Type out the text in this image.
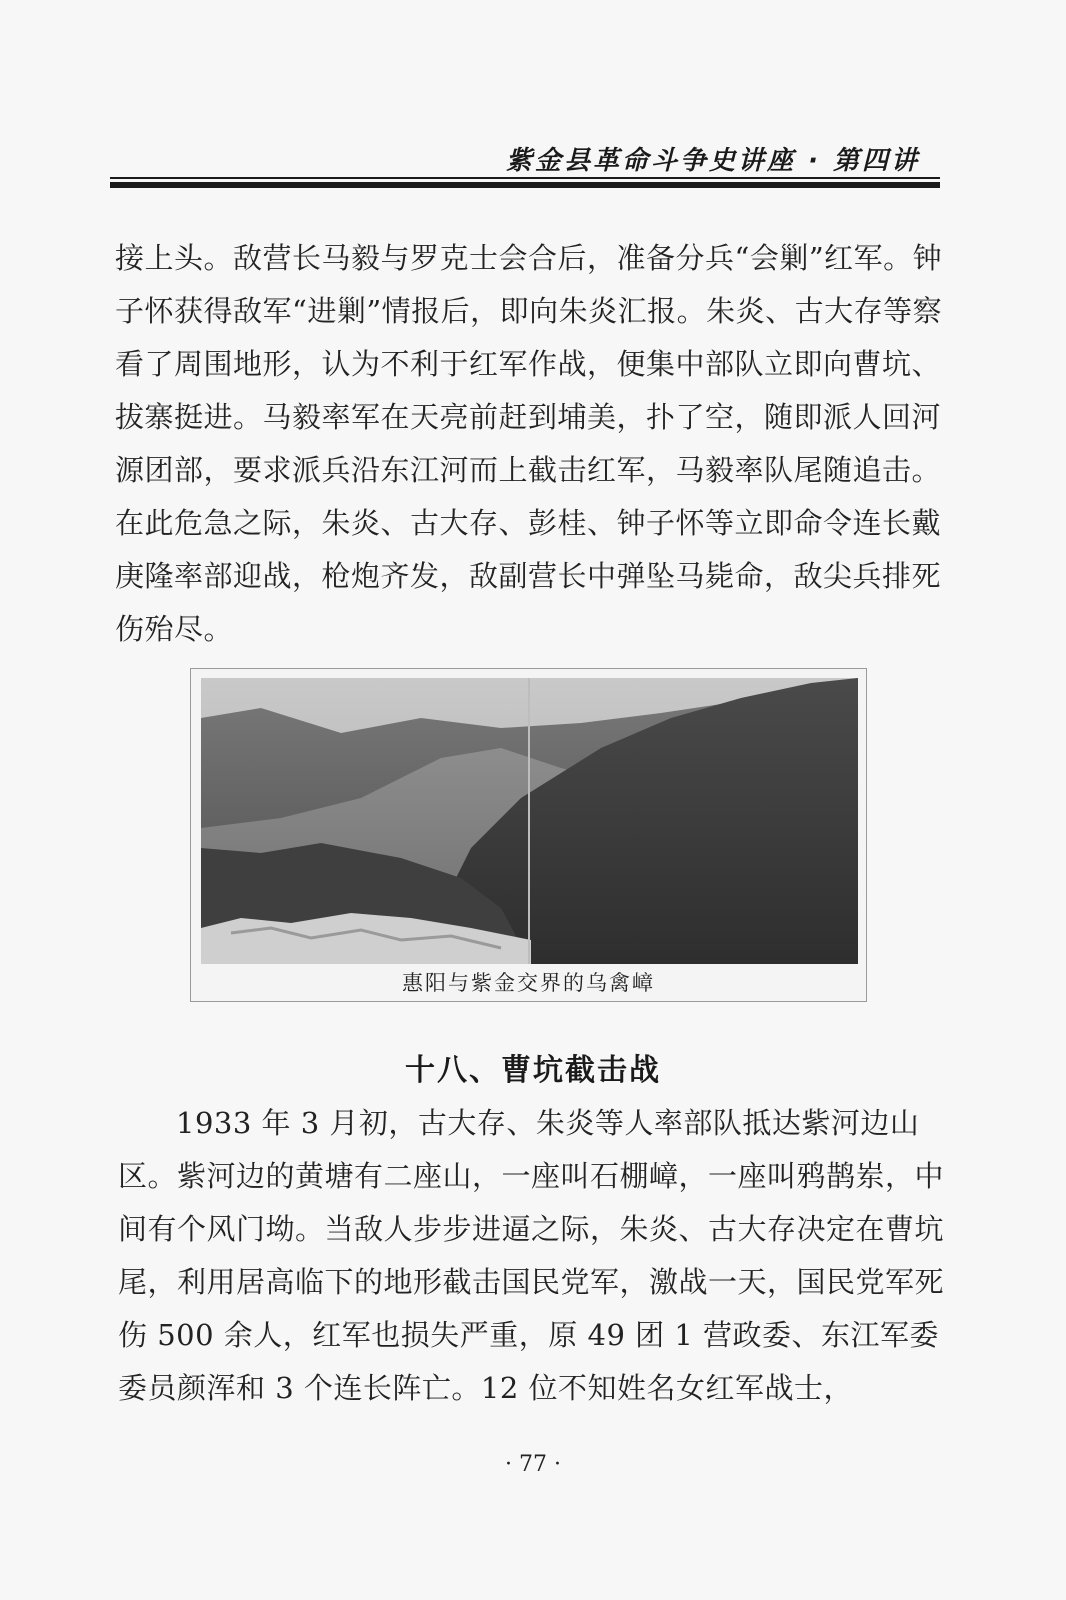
紫金县革命斗争史讲座 · 第四讲

接上头。敌营长马毅与罗克士会合后，准备分兵“会剿”红军。钟子怀获得敌军“进剿”情报后，即向朱炎汇报。朱炎、古大存等察看了周围地形，认为不利于红军作战，便集中部队立即向曹坑、拔寨挺进。马毅率军在天亮前赶到埔美，扑了空，随即派人回河源团部，要求派兵沿东江河而上截击红军，马毅率队尾随追击。在此危急之际，朱炎、古大存、彭桂、钟子怀等立即命令连长戴庚隆率部迎战，枪炮齐发，敌副营长中弹坠马毙命，敌尖兵排死伤殆尽。

惠阳与紫金交界的乌禽嶂
十八、曹坑截击战

1933 年 3 月初，古大存、朱炎等人率部队抵达紫河边山区。紫河边的黄塘有二座山，一座叫石棚嶂，一座叫鸦鹊岽，中间有个风门坳。当敌人步步进逼之际，朱炎、古大存决定在曹坑尾，利用居高临下的地形截击国民党军，激战一天，国民党军死伤 500 余人，红军也损失严重，原 49 团 1 营政委、东江军委委员颜浑和 3 个连长阵亡。12 位不知姓名女红军战士，

· 77 ·
